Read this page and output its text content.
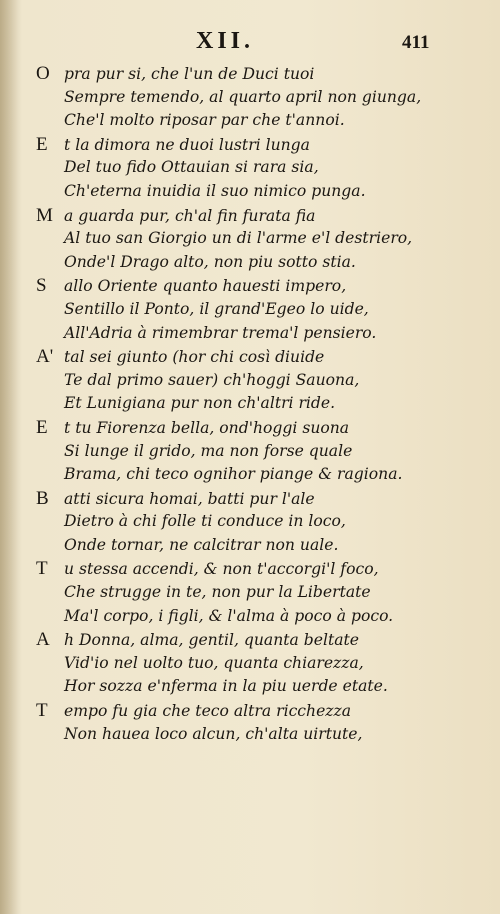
XII.	411
O pra pur si, che l'un de Duci tuoi
Sempre temendo, al quarto april non giunga,
Che'l molto riposar par che t'annoi.
E t la dimora ne duoi lustri lunga
Del tuo fido Ottauian si rara sia,
Ch'eterna inuidia il suo nimico punga.
M a guarda pur, ch'al fin furata fia
Al tuo san Giorgio un di l'arme e'l destriero,
Onde'l Drago alto, non piu sotto stia.
S allo Oriente quanto hauesti impero,
Sentillo il Ponto, il grand'Egeo lo uide,
All'Adria à rimembrar trema'l pensiero.
A' tal sei giunto (hor chi così diuide
Te dal primo sauer) ch'hoggi Sauona,
Et Lunigiana pur non ch'altri ride.
E t tu Fiorenza bella, ond'hoggi suona
Si lunge il grido, ma non forse quale
Brama, chi teco ognihor piange & ragiona.
B atti sicura homai, batti pur l'ale
Dietro à chi folle ti conduce in loco,
Onde tornar, ne calcitrar non uale.
T u stessa accendi, & non t'accorgi'l foco,
Che strugge in te, non pur la Libertate
Ma'l corpo, i figli, & l'alma à poco à poco.
A h Donna, alma, gentil, quanta beltate
Vid'io nel uolto tuo, quanta chiarezza,
Hor sozza e'nferma in la piu uerde etate.
T empo fu gia che teco altra ricchezza
Non hauea loco alcun, ch'alta uirtute,
